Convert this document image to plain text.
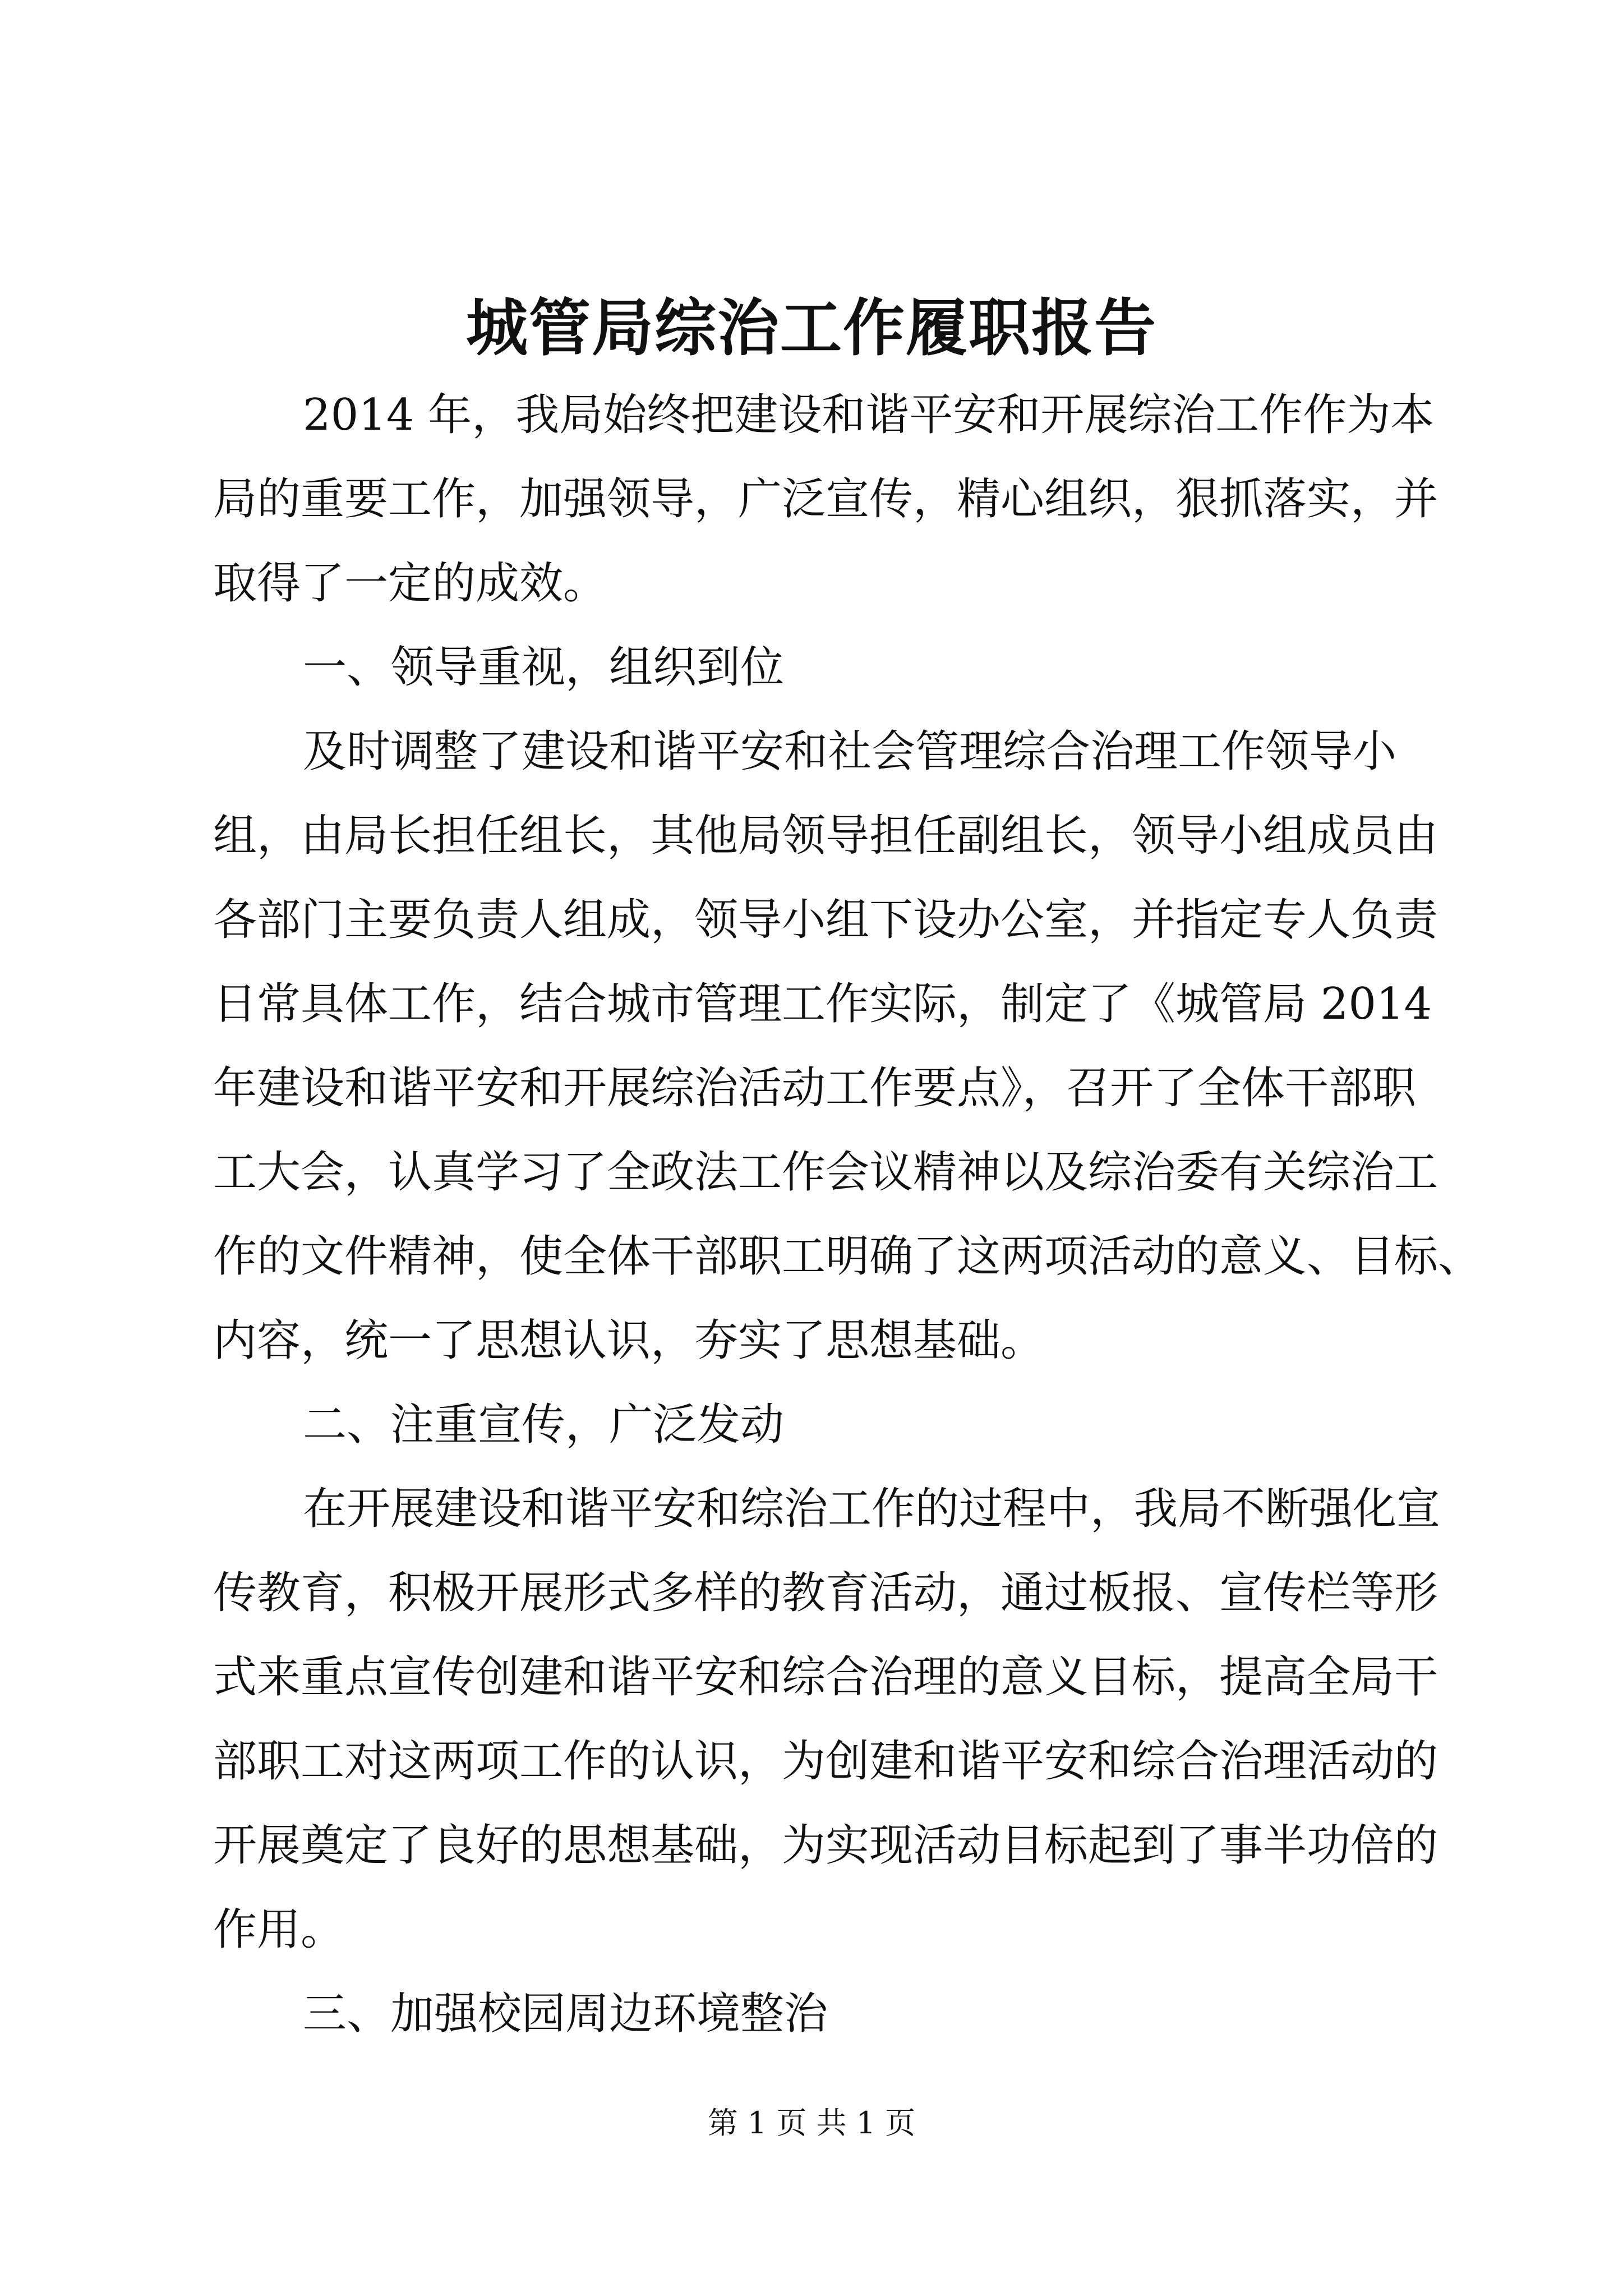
城管局综治工作履职报告
2014 年，我局始终把建设和谐平安和开展综治工作作为本
局的重要工作，加强领导，广泛宣传，精心组织，狠抓落实，并
取得了一定的成效。
一、领导重视，组织到位
及时调整了建设和谐平安和社会管理综合治理工作领导小
组，由局长担任组长，其他局领导担任副组长，领导小组成员由
各部门主要负责人组成，领导小组下设办公室，并指定专人负责
日常具体工作，结合城市管理工作实际，制定了《城管局 2014
年建设和谐平安和开展综治活动工作要点》，召开了全体干部职
工大会，认真学习了全政法工作会议精神以及综治委有关综治工
作的文件精神，使全体干部职工明确了这两项活动的意义、目标、
内容，统一了思想认识，夯实了思想基础。
二、注重宣传，广泛发动
在开展建设和谐平安和综治工作的过程中，我局不断强化宣
传教育，积极开展形式多样的教育活动，通过板报、宣传栏等形
式来重点宣传创建和谐平安和综合治理的意义目标，提高全局干
部职工对这两项工作的认识，为创建和谐平安和综合治理活动的
开展奠定了良好的思想基础，为实现活动目标起到了事半功倍的
作用。
三、加强校园周边环境整治
第 1 页 共 1 页
